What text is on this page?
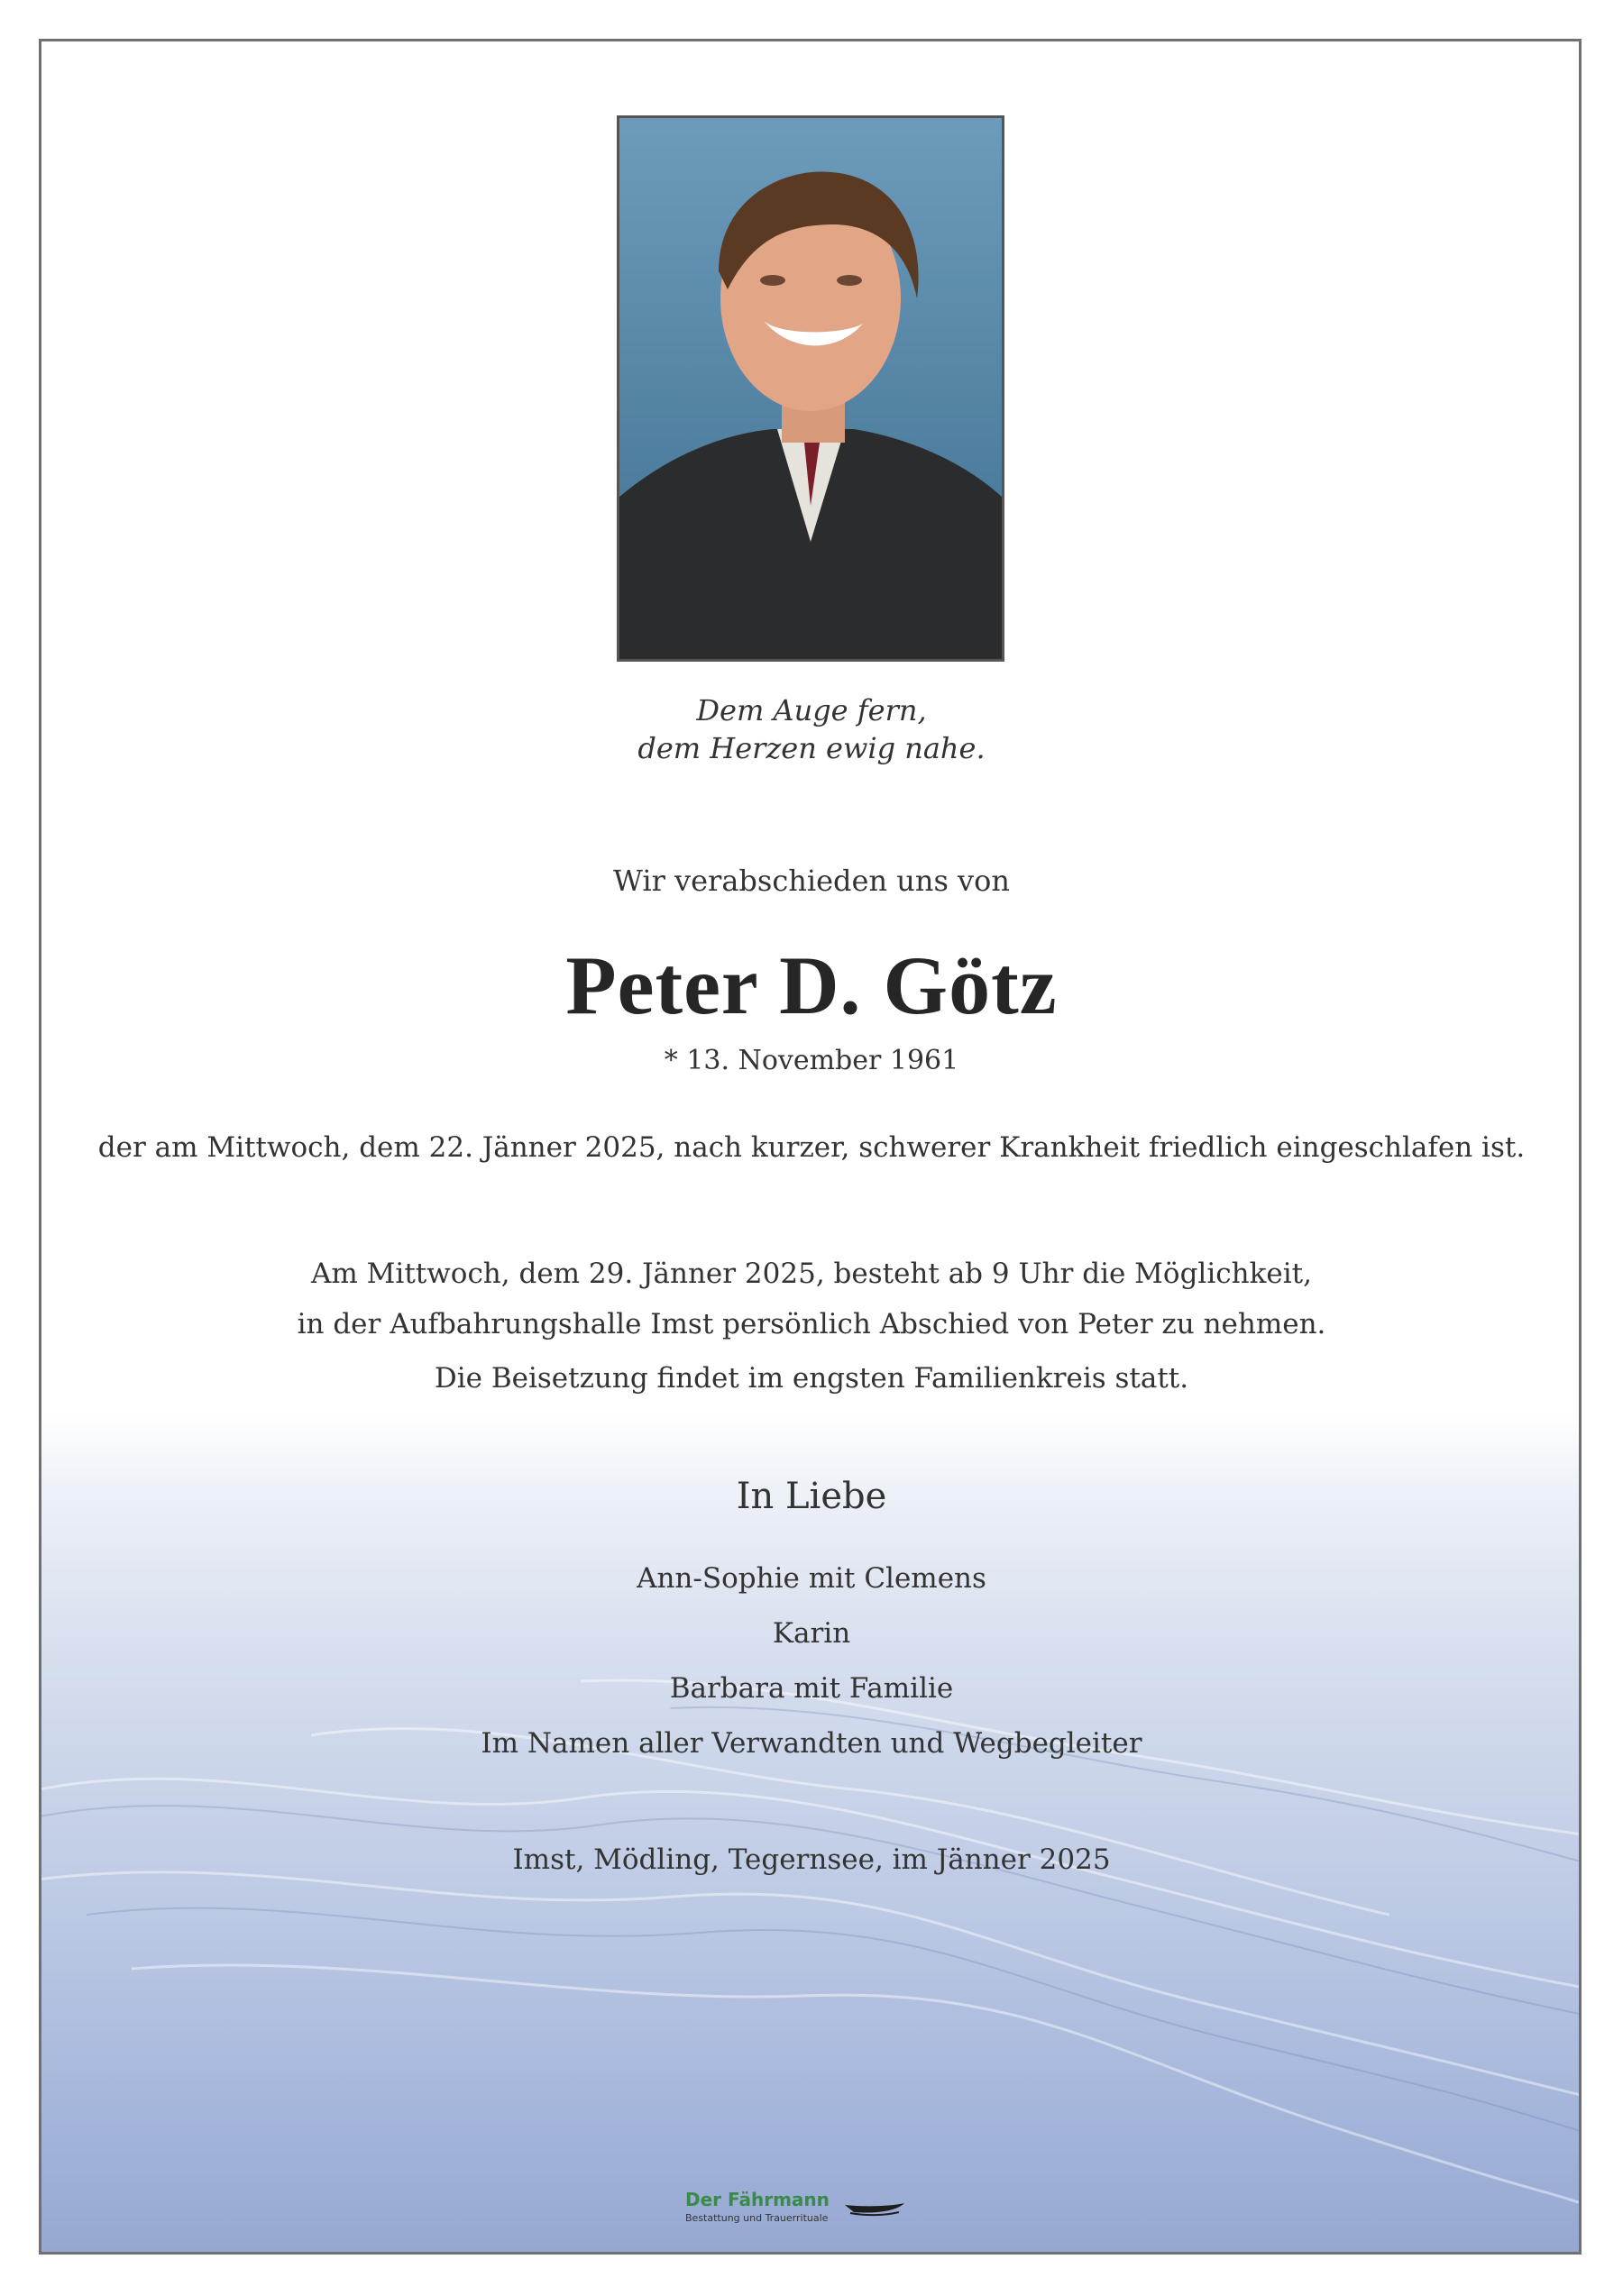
Dem Auge fern,
dem Herzen ewig nahe.
Wir verabschieden uns von
Peter D. Götz
* 13. November 1961
der am Mittwoch, dem 22. Jänner 2025, nach kurzer, schwerer Krankheit friedlich eingeschlafen ist.
Am Mittwoch, dem 29. Jänner 2025, besteht ab 9 Uhr die Möglichkeit,
in der Aufbahrungshalle Imst persönlich Abschied von Peter zu nehmen.
Die Beisetzung findet im engsten Familienkreis statt.
In Liebe
Ann-Sophie mit Clemens
Karin
Barbara mit Familie
Im Namen aller Verwandten und Wegbegleiter
Imst, Mödling, Tegernsee, im Jänner 2025
Der Fährmann
Bestattung und Trauerrituale
